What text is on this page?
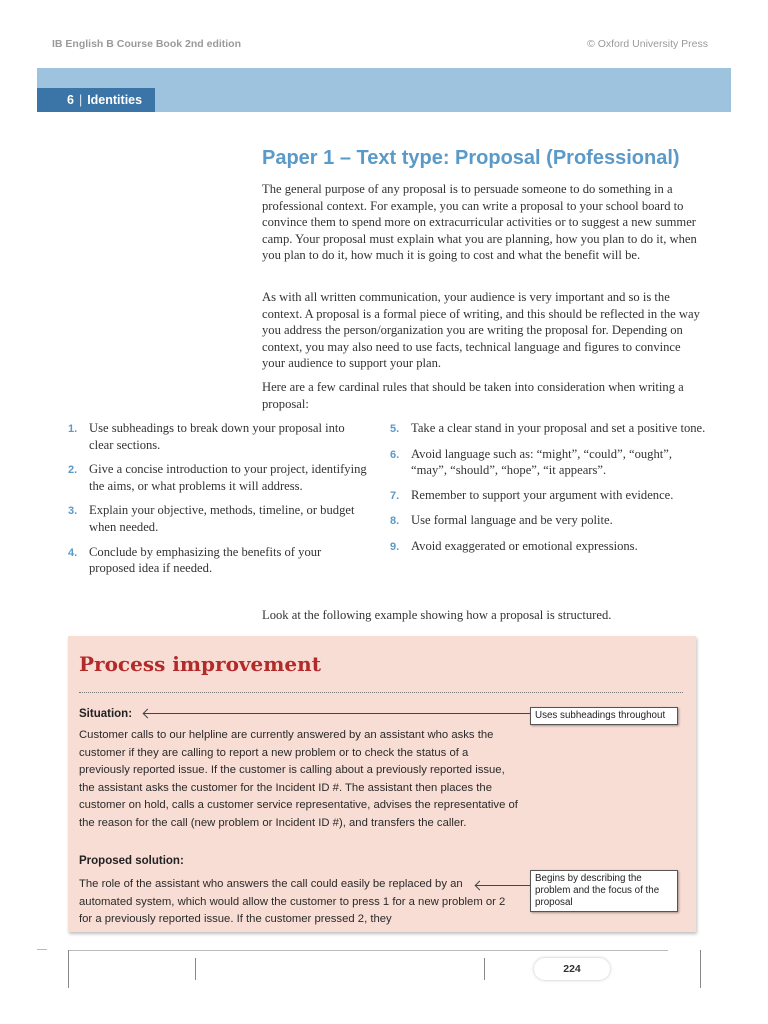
IB English B Course Book 2nd edition	© Oxford University Press
6 | Identities
Paper 1 – Text type: Proposal (Professional)

The general purpose of any proposal is to persuade someone to do something in a professional context. For example, you can write a proposal to your school board to convince them to spend more on extracurricular activities or to suggest a new summer camp. Your proposal must explain what you are planning, how you plan to do it, when you plan to do it, how much it is going to cost and what the benefit will be.

As with all written communication, your audience is very important and so is the context. A proposal is a formal piece of writing, and this should be reflected in the way you address the person/organization you are writing the proposal for. Depending on context, you may also need to use facts, technical language and figures to convince your audience to support your plan.

Here are a few cardinal rules that should be taken into consideration when writing a proposal:

1. Use subheadings to break down your proposal into clear sections.
2. Give a concise introduction to your project, identifying the aims, or what problems it will address.
3. Explain your objective, methods, timeline, or budget when needed.
4. Conclude by emphasizing the benefits of your proposed idea if needed.
5. Take a clear stand in your proposal and set a positive tone.
6. Avoid language such as: “might”, “could”, “ought”, “may”, “should”, “hope”, “it appears”.
7. Remember to support your argument with evidence.
8. Use formal language and be very polite.
9. Avoid exaggerated or emotional expressions.

Look at the following example showing how a proposal is structured.

Process improvement

Situation:	Uses subheadings throughout

Customer calls to our helpline are currently answered by an assistant who asks the customer if they are calling to report a new problem or to check the status of a previously reported issue. If the customer is calling about a previously reported issue, the assistant asks the customer for the Incident ID #. The assistant then places the customer on hold, calls a customer service representative, advises the representative of the reason for the call (new problem or Incident ID #), and transfers the caller.

Proposed solution:

The role of the assistant who answers the call could easily be replaced by an automated system, which would allow the customer to press 1 for a new problem or 2 for a previously reported issue. If the customer pressed 2, they

Begins by describing the problem and the focus of the proposal
224
